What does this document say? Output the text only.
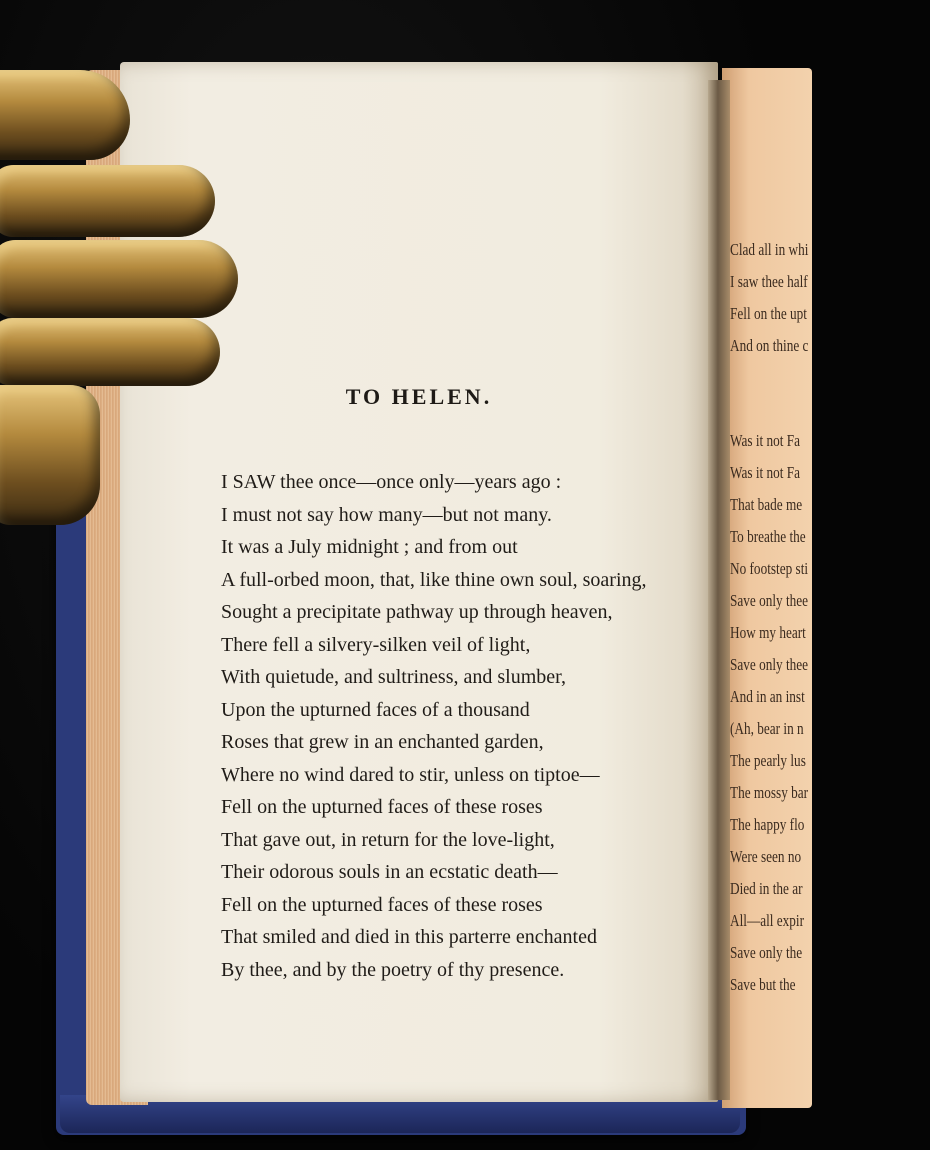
Clad all in whi
I saw thee half
Fell on the upt
And on thine c
Was it not Fa
Was it not Fa
That bade me
To breathe the
No footstep sti
Save only thee
How my heart
Save only thee
And in an inst
(Ah, bear in n
The pearly lus
The mossy bar
The happy flo
Were seen no
Died in the ar
All—all expir
Save only the
Save but the
TO HELEN.
I SAW thee once—once only—years ago :
I must not say how many—but not many.
It was a July midnight ; and from out
A full-orbed moon, that, like thine own soul, soaring,
Sought a precipitate pathway up through heaven,
There fell a silvery-silken veil of light,
With quietude, and sultriness, and slumber,
Upon the upturned faces of a thousand
Roses that grew in an enchanted garden,
Where no wind dared to stir, unless on tiptoe—
Fell on the upturned faces of these roses
That gave out, in return for the love-light,
Their odorous souls in an ecstatic death—
Fell on the upturned faces of these roses
That smiled and died in this parterre enchanted
By thee, and by the poetry of thy presence.
